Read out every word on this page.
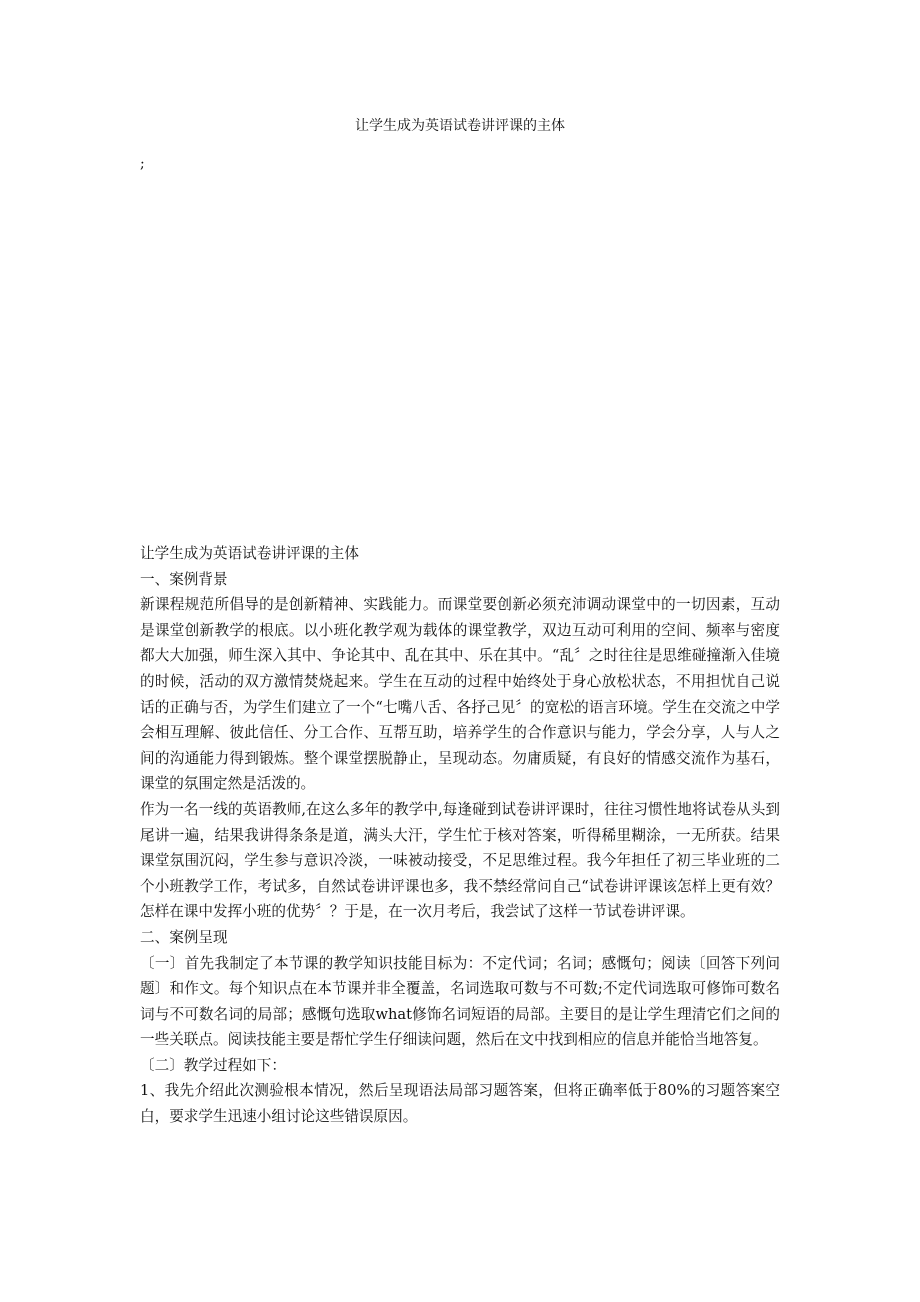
让学生成为英语试卷讲评课的主体
;

让学生成为英语试卷讲评课的主体

一、案例背景

新课程规范所倡导的是创新精神、实践能力。而课堂要创新必须充沛调动课堂中的一切因素，互动是课堂创新教学的根底。以小班化教学观为载体的课堂教学，双边互动可利用的空间、频率与密度都大大加强，师生深入其中、争论其中、乱在其中、乐在其中。“乱〞之时往往是思维碰撞渐入佳境的时候，活动的双方激情焚烧起来。学生在互动的过程中始终处于身心放松状态，不用担忧自己说话的正确与否，为学生们建立了一个“七嘴八舌、各抒己见〞的宽松的语言环境。学生在交流之中学会相互理解、彼此信任、分工合作、互帮互助，培养学生的合作意识与能力，学会分享，人与人之间的沟通能力得到锻炼。整个课堂摆脱静止，呈现动态。勿庸质疑，有良好的情感交流作为基石，课堂的氛围定然是活泼的。

作为一名一线的英语教师,在这么多年的教学中,每逢碰到试卷讲评课时，往往习惯性地将试卷从头到尾讲一遍，结果我讲得条条是道，满头大汗，学生忙于核对答案，听得稀里糊涂，一无所获。结果课堂氛围沉闷，学生参与意识冷淡，一味被动接受，不足思维过程。我今年担任了初三毕业班的二个小班教学工作，考试多，自然试卷讲评课也多，我不禁经常问自己“试卷讲评课该怎样上更有效？怎样在课中发挥小班的优势〞？于是，在一次月考后，我尝试了这样一节试卷讲评课。

二、案例呈现

〔一〕首先我制定了本节课的教学知识技能目标为：不定代词；名词；感慨句；阅读〔回答下列问题〕和作文。每个知识点在本节课并非全覆盖，名词选取可数与不可数;不定代词选取可修饰可数名词与不可数名词的局部；感慨句选取what修饰名词短语的局部。主要目的是让学生理清它们之间的一些关联点。阅读技能主要是帮忙学生仔细读问题，然后在文中找到相应的信息并能恰当地答复。

〔二〕教学过程如下：

1、我先介绍此次测验根本情况，然后呈现语法局部习题答案，但将正确率低于80%的习题答案空白，要求学生迅速小组讨论这些错误原因。
